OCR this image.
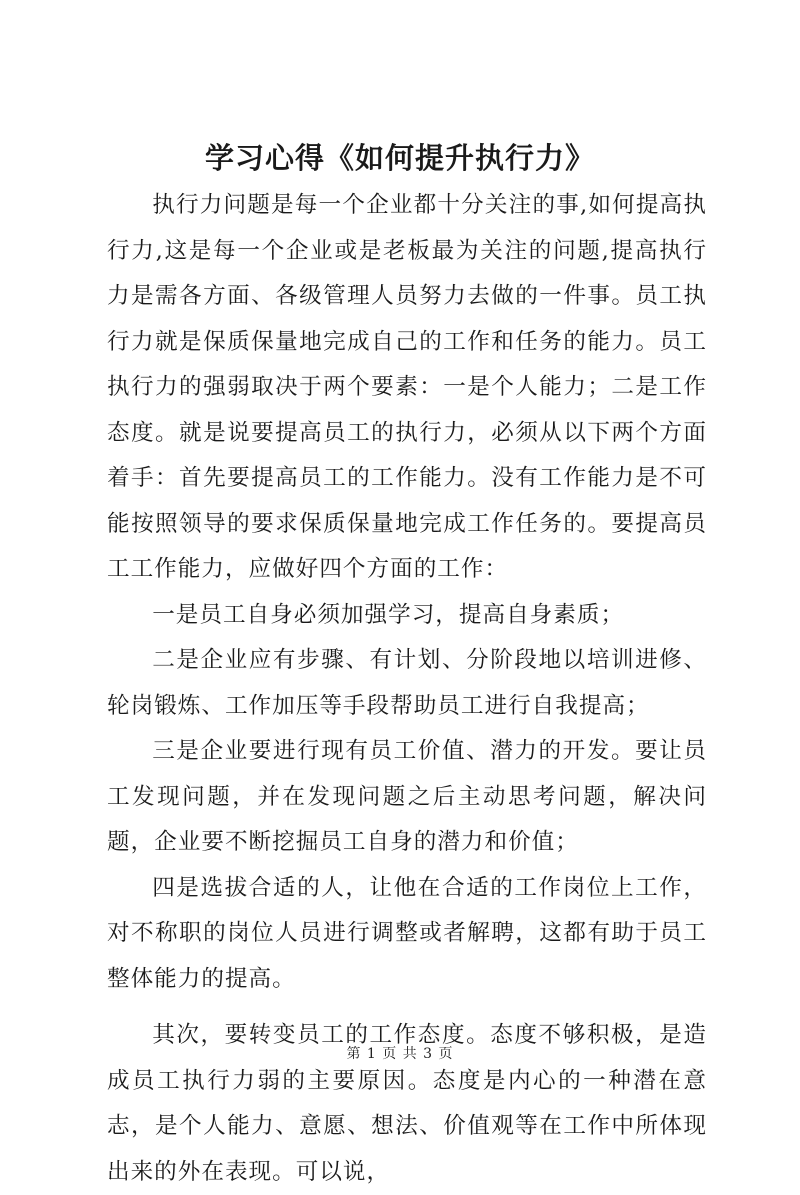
学习心得《如何提升执行力》

执行力问题是每一个企业都十分关注的事,如何提高执行力,这是每一个企业或是老板最为关注的问题,提高执行力是需各方面、各级管理人员努力去做的一件事。员工执行力就是保质保量地完成自己的工作和任务的能力。员工执行力的强弱取决于两个要素：一是个人能力；二是工作态度。就是说要提高员工的执行力，必须从以下两个方面着手：首先要提高员工的工作能力。没有工作能力是不可能按照领导的要求保质保量地完成工作任务的。要提高员工工作能力，应做好四个方面的工作：

一是员工自身必须加强学习，提高自身素质；

二是企业应有步骤、有计划、分阶段地以培训进修、轮岗锻炼、工作加压等手段帮助员工进行自我提高；

三是企业要进行现有员工价值、潜力的开发。要让员工发现问题，并在发现问题之后主动思考问题，解决问题，企业要不断挖掘员工自身的潜力和价值；

四是选拔合适的人，让他在合适的工作岗位上工作，对不称职的岗位人员进行调整或者解聘，这都有助于员工整体能力的提高。

其次，要转变员工的工作态度。态度不够积极，是造成员工执行力弱的主要原因。态度是内心的一种潜在意志，是个人能力、意愿、想法、价值观等在工作中所体现出来的外在表现。可以说，

第 1 页 共 3 页
